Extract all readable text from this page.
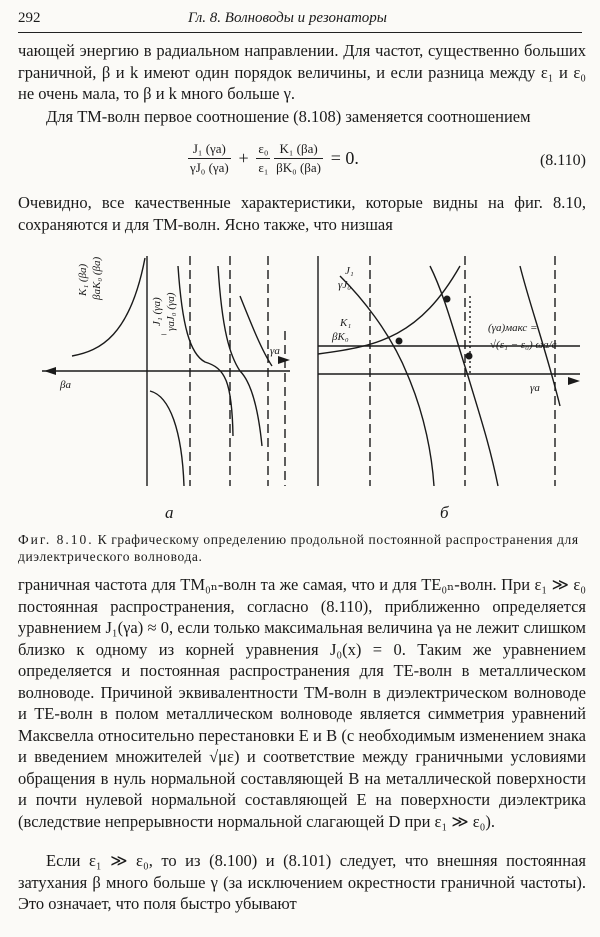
292	Гл. 8. Волноводы и резонаторы

чающей энергию в радиальном направлении. Для частот, существенно больших граничной, β и k имеют один порядок величины, и если разница между ε₁ и ε₀ не очень мала, то β и k много больше γ.

Для ТМ-волн первое соотношение (8.108) заменяется соотношением

$\frac{\text{J₁ (γa)}}{\text{γJ₀ (γa)}} + \frac{\text{ε₀}}{\text{ε₁}}$
$\frac{\text{K₁ (βa)}}{\text{βK₀ (βa)}} = 0$.	(8.110)

Очевидно, все качественные характеристики, которые видны на фиг. 8.10, сохраняются и для ТМ-волн. Ясно также, что низшая

K₁ (βa) βaK₀ (βa)
−
J₁ (γa) γaJ₀ (γa)
βa
γa
а
J₁
γJ₀
K₁
βK₀
(γa)макс =
√(ε₁ − ε₀) ωa/c
γa
б

Фиг. 8.10. К графическому определению продольной постоянной распространения для диэлектрического волновода.

граничная частота для TM₀ₙ-волн та же самая, что и для TE₀ₙ-волн. При ε₁ ≫ ε₀ постоянная распространения, согласно (8.110), приближенно определяется уравнением J₁(γa) ≈ 0, если только максимальная величина γa не лежит слишком близко к одному из корней уравнения J₀(x) = 0. Таким же уравнением определяется и постоянная распространения для ТЕ-волн в металлическом волноводе. Причиной эквивалентности ТМ-волн в диэлектрическом волноводе и ТЕ-волн в полом металлическом волноводе является симметрия уравнений Максвелла относительно перестановки E и B (с необходимым изменением знака и введением множителей √με) и соответствие между граничными условиями обращения в нуль нормальной составляющей B на металлической поверхности и почти нулевой нормальной составляющей E на поверхности диэлектрика (вследствие непрерывности нормальной слагающей D при ε₁ ≫ ε₀).

Если ε₁ ≫ ε₀, то из (8.100) и (8.101) следует, что внешняя постоянная затухания β много больше γ (за исключением окрестности граничной частоты). Это означает, что поля быстро убывают
